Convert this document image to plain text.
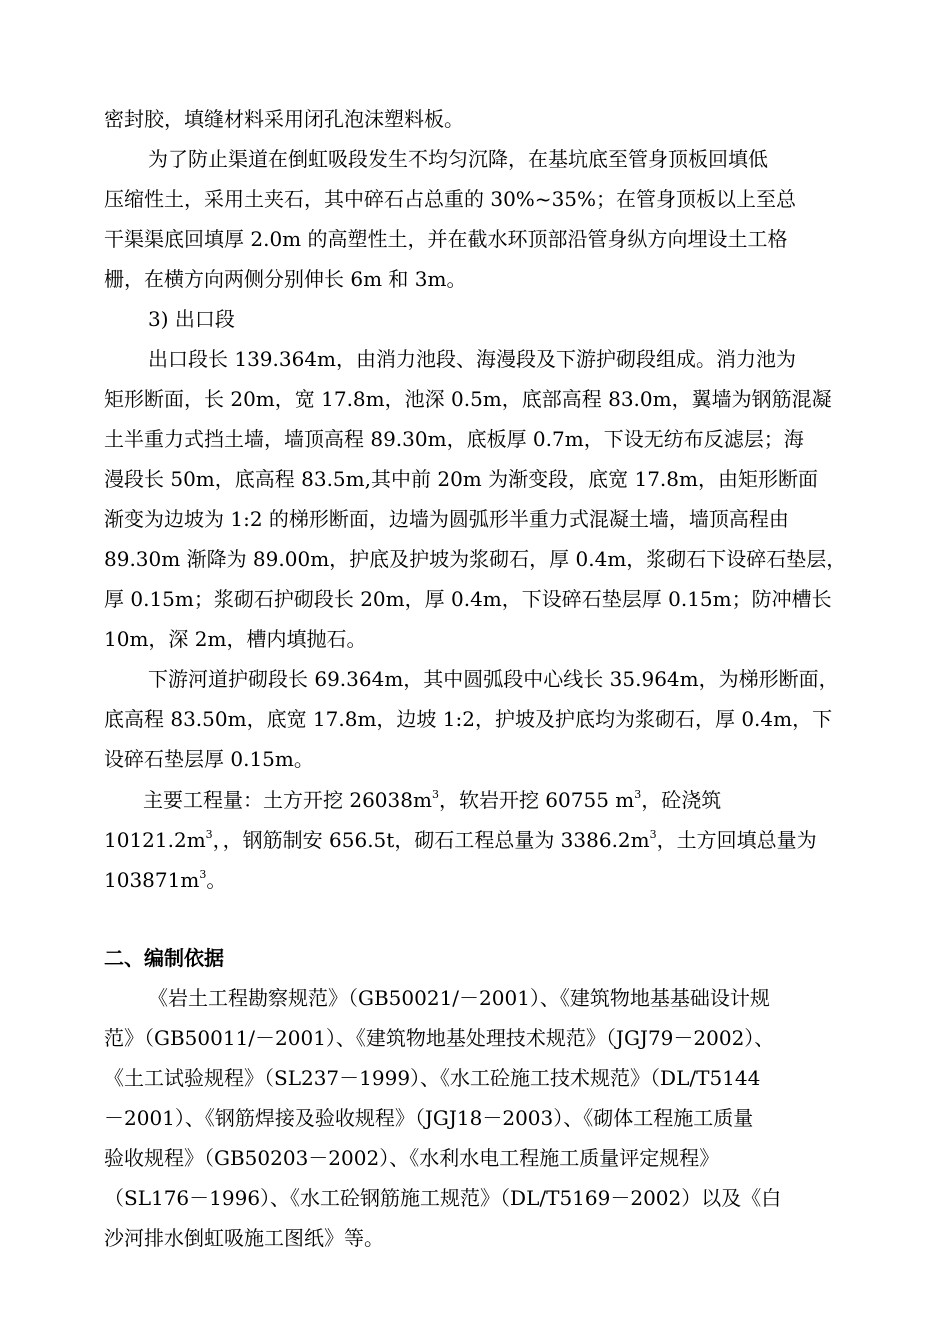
密封胶，填缝材料采用闭孔泡沫塑料板。
为了防止渠道在倒虹吸段发生不均匀沉降，在基坑底至管身顶板回填低
压缩性土，采用土夹石，其中碎石占总重的 30%~35%；在管身顶板以上至总
干渠渠底回填厚 2.0m 的高塑性土，并在截水环顶部沿管身纵方向埋设土工格
栅，在横方向两侧分别伸长 6m 和 3m。
3) 出口段
出口段长 139.364m，由消力池段、海漫段及下游护砌段组成。消力池为
矩形断面，长 20m，宽 17.8m，池深 0.5m，底部高程 83.0m，翼墙为钢筋混凝
土半重力式挡土墙，墙顶高程 89.30m，底板厚 0.7m，下设无纺布反滤层；海
漫段长 50m，底高程 83.5m,其中前 20m 为渐变段，底宽 17.8m，由矩形断面
渐变为边坡为 1:2 的梯形断面，边墙为圆弧形半重力式混凝土墙，墙顶高程由
89.30m 渐降为 89.00m，护底及护坡为浆砌石，厚 0.4m，浆砌石下设碎石垫层，
厚 0.15m；浆砌石护砌段长 20m，厚 0.4m，下设碎石垫层厚 0.15m；防冲槽长
10m，深 2m，槽内填抛石。
下游河道护砌段长 69.364m，其中圆弧段中心线长 35.964m，为梯形断面，
底高程 83.50m，底宽 17.8m，边坡 1:2，护坡及护底均为浆砌石，厚 0.4m，下
设碎石垫层厚 0.15m。
主要工程量：土方开挖 $26038m^3$，软岩开挖 60755 $m^3$，砼浇筑
$10121.2m^3$，，钢筋制安 656.5t，砌石工程总量为 $3386.2m^3$，土方回填总量为
$103871m^3$。
二、编制依据
《岩土工程勘察规范》（GB50021/－2001）、《建筑物地基基础设计规
范》（GB50011/－2001）、《建筑物地基处理技术规范》（JGJ79－2002）、
《土工试验规程》（SL237－1999）、《水工砼施工技术规范》（DL/T5144
－2001）、《钢筋焊接及验收规程》（JGJ18－2003）、《砌体工程施工质量
验收规程》（GB50203－2002）、《水利水电工程施工质量评定规程》
（SL176－1996）、《水工砼钢筋施工规范》（DL/T5169－2002）以及《白
沙河排水倒虹吸施工图纸》等。
